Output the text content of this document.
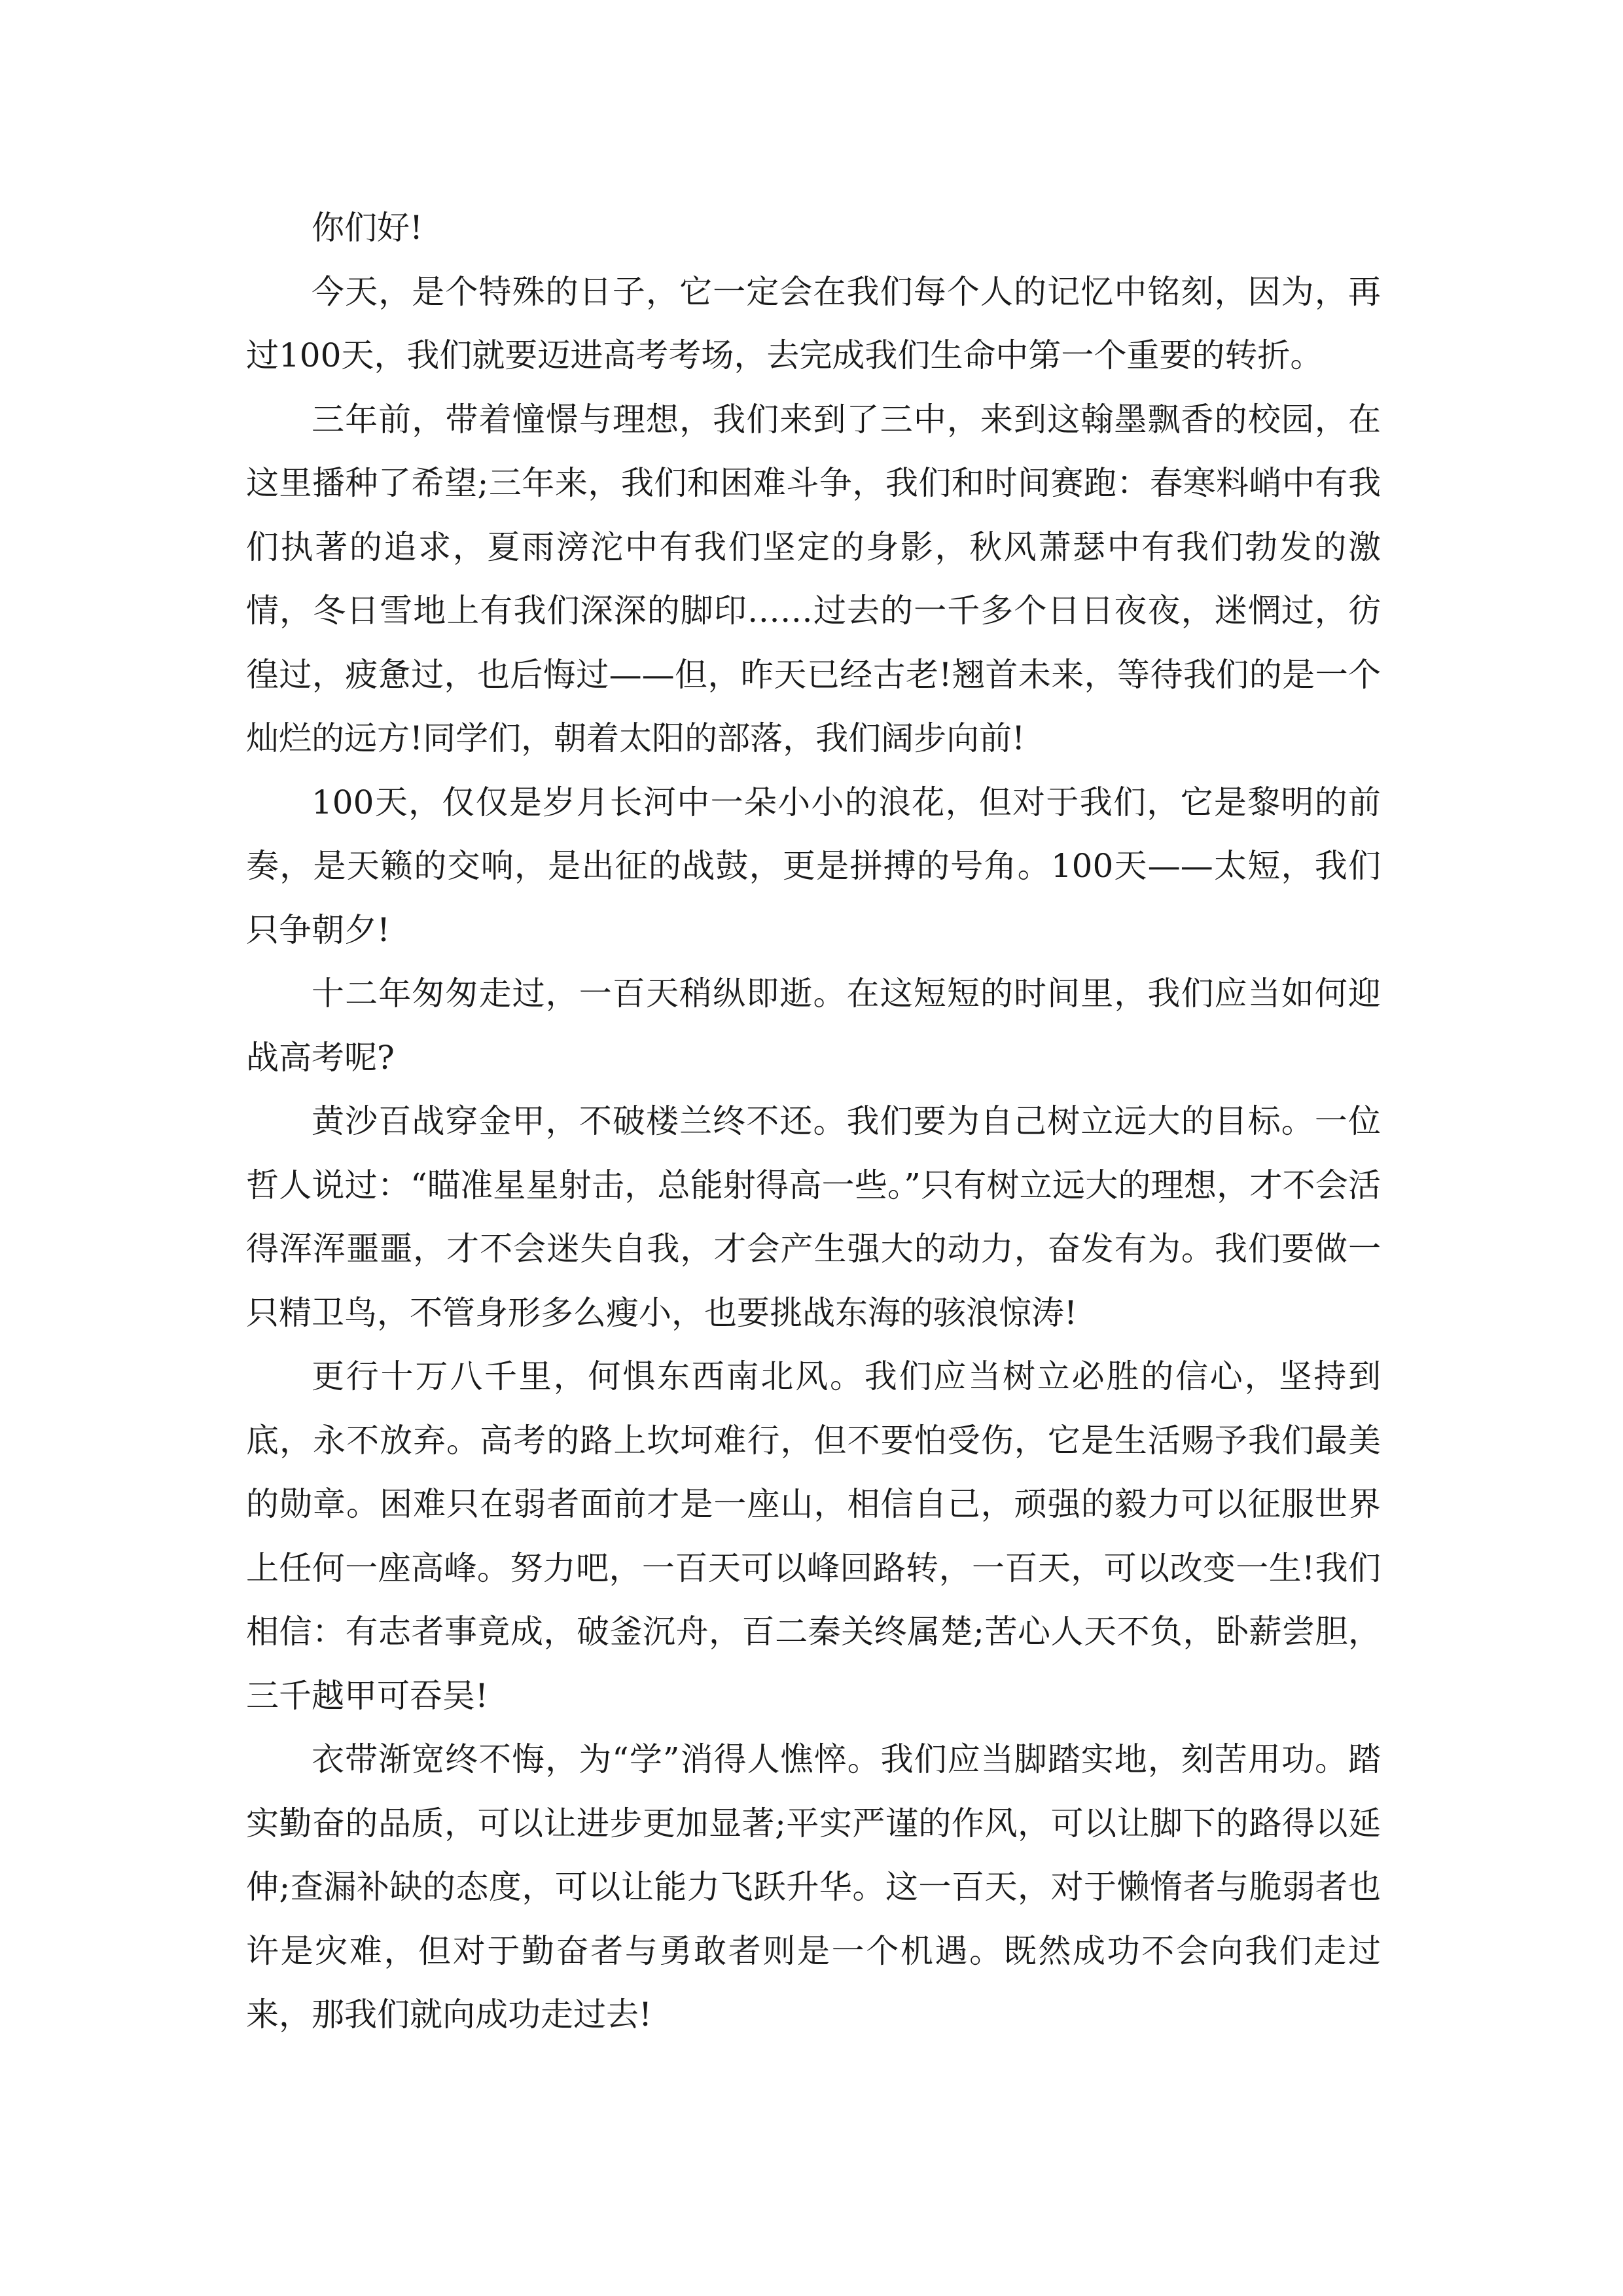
你们好!

今天，是个特殊的日子，它一定会在我们每个人的记忆中铭刻，因为，再过100天，我们就要迈进高考考场，去完成我们生命中第一个重要的转折。

三年前，带着憧憬与理想，我们来到了三中，来到这翰墨飘香的校园，在这里播种了希望;三年来，我们和困难斗争，我们和时间赛跑：春寒料峭中有我们执著的追求，夏雨滂沱中有我们坚定的身影，秋风萧瑟中有我们勃发的激情，冬日雪地上有我们深深的脚印……过去的一千多个日日夜夜，迷惘过，彷徨过，疲惫过，也后悔过——但，昨天已经古老!翘首未来，等待我们的是一个灿烂的远方!同学们，朝着太阳的部落，我们阔步向前!

100天，仅仅是岁月长河中一朵小小的浪花，但对于我们，它是黎明的前奏，是天籁的交响，是出征的战鼓，更是拼搏的号角。100天——太短，我们只争朝夕!

十二年匆匆走过，一百天稍纵即逝。在这短短的时间里，我们应当如何迎战高考呢?

黄沙百战穿金甲，不破楼兰终不还。我们要为自己树立远大的目标。一位哲人说过：“瞄准星星射击，总能射得高一些。”只有树立远大的理想，才不会活得浑浑噩噩，才不会迷失自我，才会产生强大的动力，奋发有为。我们要做一只精卫鸟，不管身形多么瘦小，也要挑战东海的骇浪惊涛!

更行十万八千里，何惧东西南北风。我们应当树立必胜的信心，坚持到底，永不放弃。高考的路上坎坷难行，但不要怕受伤，它是生活赐予我们最美的勋章。困难只在弱者面前才是一座山，相信自己，顽强的毅力可以征服世界上任何一座高峰。努力吧，一百天可以峰回路转，一百天，可以改变一生!我们相信：有志者事竟成，破釜沉舟，百二秦关终属楚;苦心人天不负，卧薪尝胆，三千越甲可吞吴!

衣带渐宽终不悔，为“学”消得人憔悴。我们应当脚踏实地，刻苦用功。踏实勤奋的品质，可以让进步更加显著;平实严谨的作风，可以让脚下的路得以延伸;查漏补缺的态度，可以让能力飞跃升华。这一百天，对于懒惰者与脆弱者也许是灾难，但对于勤奋者与勇敢者则是一个机遇。既然成功不会向我们走过来，那我们就向成功走过去!
